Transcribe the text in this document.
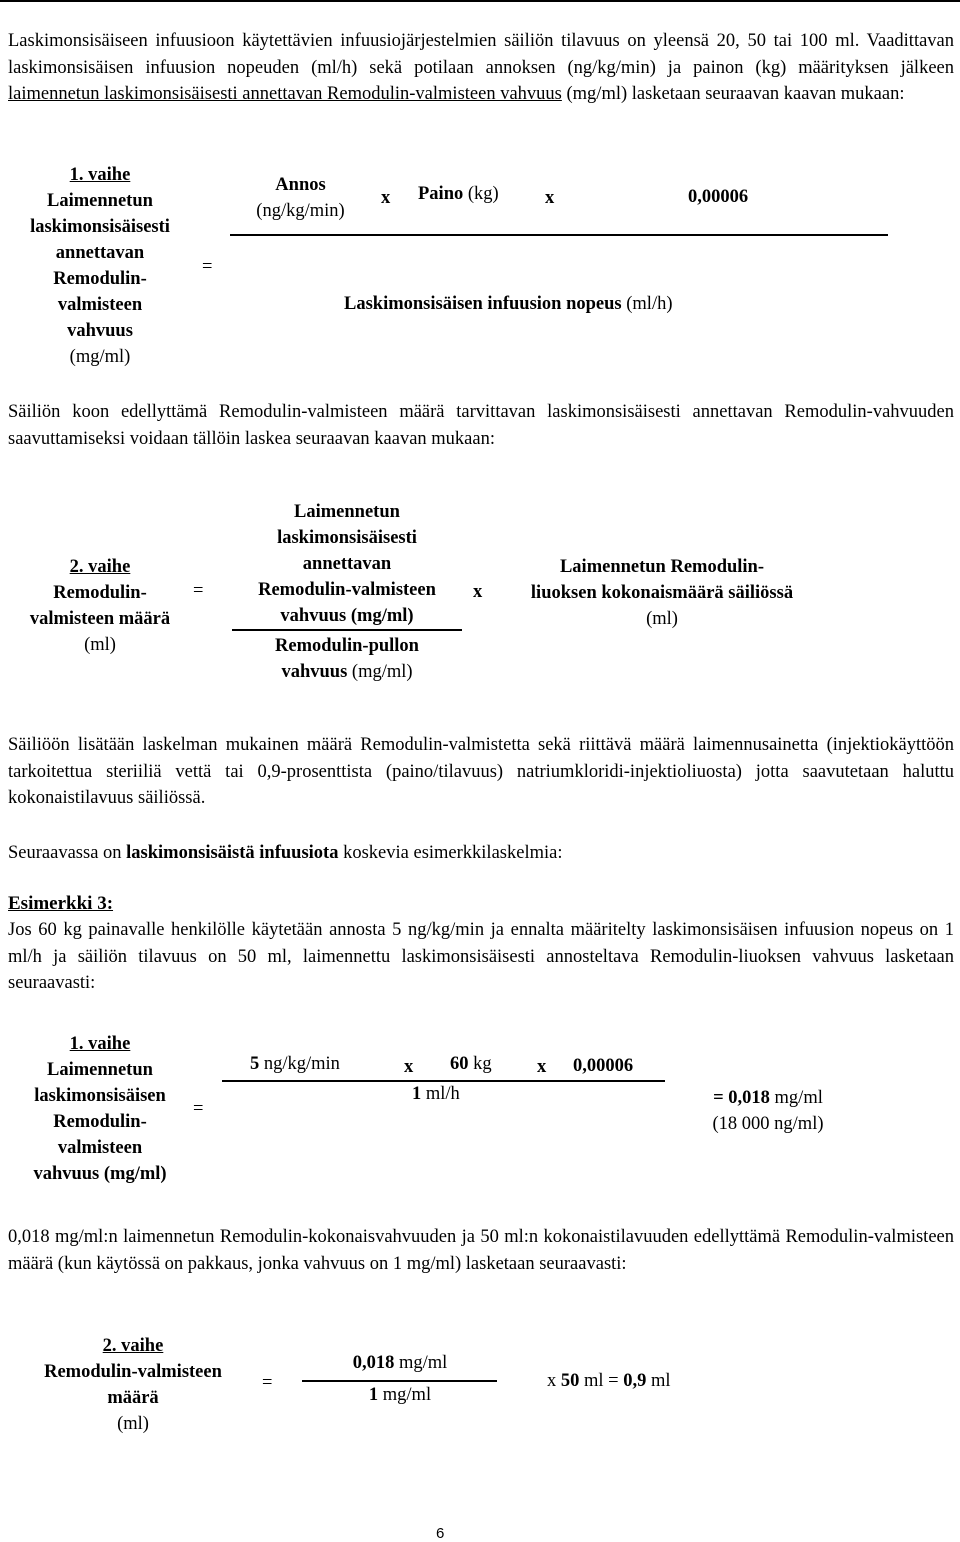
Laskimonsisäiseen infuusioon käytettävien infuusiojärjestelmien säiliön tilavuus on yleensä 20, 50 tai 100 ml. Vaadittavan laskimonsisäisen infuusion nopeuden (ml/h) sekä potilaan annoksen (ng/kg/min) ja painon (kg) määrityksen jälkeen laimennetun laskimonsisäisesti annettavan Remodulin-valmisteen vahvuus (mg/ml) lasketaan seuraavan kaavan mukaan:

1. vaihe
Laimennetun
laskimonsisäisesti
annettavan
Remodulin-
valmisteen
vahvuus
(mg/ml)
=
Annos
(ng/kg/min)
x Paino (kg)	x	0,00006
Laskimonsisäisen infuusion nopeus (ml/h)

Säiliön koon edellyttämä Remodulin-valmisteen määrä tarvittavan laskimonsisäisesti annettavan Remodulin-vahvuuden saavuttamiseksi voidaan tällöin laskea seuraavan kaavan mukaan:

2. vaihe
Remodulin-
valmisteen määrä
(ml)
=
Laimennetun
laskimonsisäisesti
annettavan
Remodulin-valmisteen
vahvuus (mg/ml)
Remodulin-pullon
vahvuus (mg/ml)
x
Laimennetun Remodulin-
liuoksen kokonaismäärä säiliössä
(ml)

Säiliöön lisätään laskelman mukainen määrä Remodulin-valmistetta sekä riittävä määrä laimennusainetta (injektiokäyttöön tarkoitettua steriiliä vettä tai 0,9-prosenttista (paino/tilavuus) natriumkloridi-injektioliuosta) jotta saavutetaan haluttu kokonaistilavuus säiliössä.

Seuraavassa on laskimonsisäistä infuusiota koskevia esimerkkilaskelmia:

Esimerkki 3:

Jos 60 kg painavalle henkilölle käytetään annosta 5 ng/kg/min ja ennalta määritelty laskimonsisäisen infuusion nopeus on 1 ml/h ja säiliön tilavuus on 50 ml, laimennettu laskimonsisäisesti annosteltava Remodulin-liuoksen vahvuus lasketaan seuraavasti:

1. vaihe
Laimennetun
laskimonsisäisen
Remodulin-
valmisteen
vahvuus (mg/ml)
=
5 ng/kg/min	x 60 kg x 0,00006
1 ml/h	= 0,018 mg/ml
(18 000 ng/ml)

0,018 mg/ml:n laimennetun Remodulin-kokonaisvahvuuden ja 50 ml:n kokonaistilavuuden edellyttämä Remodulin-valmisteen määrä (kun käytössä on pakkaus, jonka vahvuus on 1 mg/ml) lasketaan seuraavasti:

2. vaihe
Remodulin-valmisteen
määrä
(ml)
=
0,018 mg/ml
1 mg/ml
x 50 ml = 0,9 ml
6
